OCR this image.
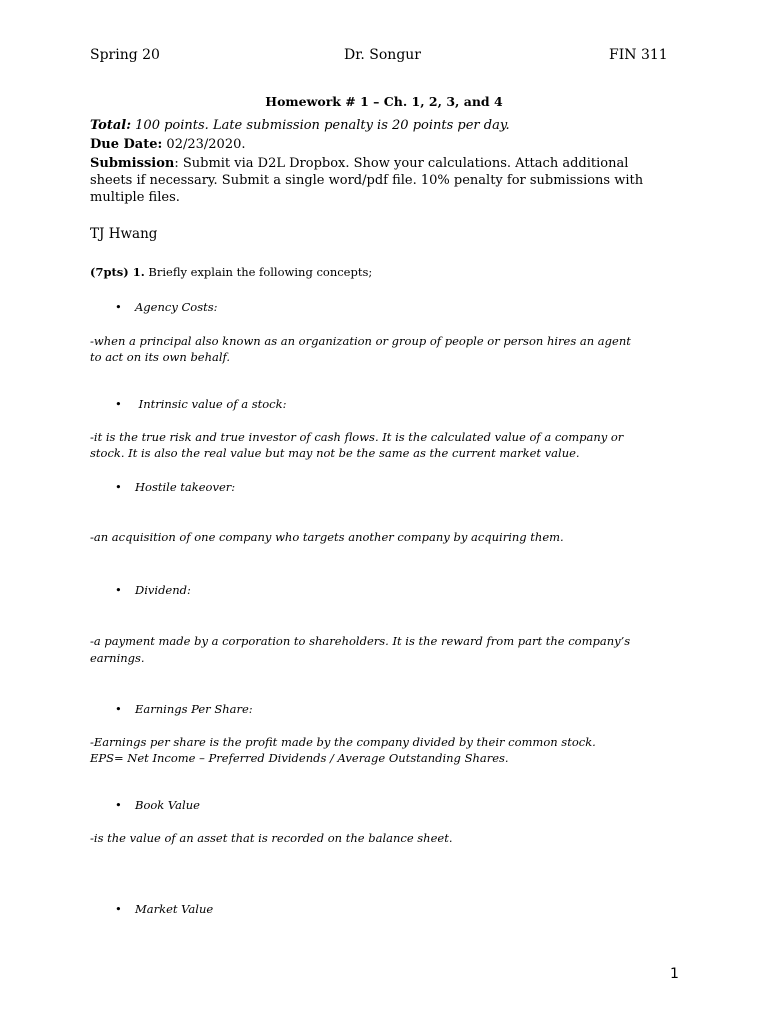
Spring 20	Dr. Songur	FIN 311
Homework # 1 – Ch. 1, 2, 3, and 4
Total: 100 points. Late submission penalty is 20 points per day.
Due Date: 02/23/2020.
Submission: Submit via D2L Dropbox. Show your calculations. Attach additional
sheets if necessary. Submit a single word/pdf file. 10% penalty for submissions with
multiple files.
TJ Hwang
(7pts) 1. Briefly explain the following concepts;
• Agency Costs:
-when a principal also known as an organization or group of people or person hires an agent
to act on its own behalf.
• Intrinsic value of a stock:
-it is the true risk and true investor of cash flows. It is the calculated value of a company or
stock. It is also the real value but may not be the same as the current market value.
• Hostile takeover:
-an acquisition of one company who targets another company by acquiring them.
• Dividend:
-a payment made by a corporation to shareholders. It is the reward from part the company’s
earnings.
• Earnings Per Share:
-Earnings per share is the profit made by the company divided by their common stock.
EPS= Net Income – Preferred Dividends / Average Outstanding Shares.
• Book Value
-is the value of an asset that is recorded on the balance sheet.
• Market Value
1
